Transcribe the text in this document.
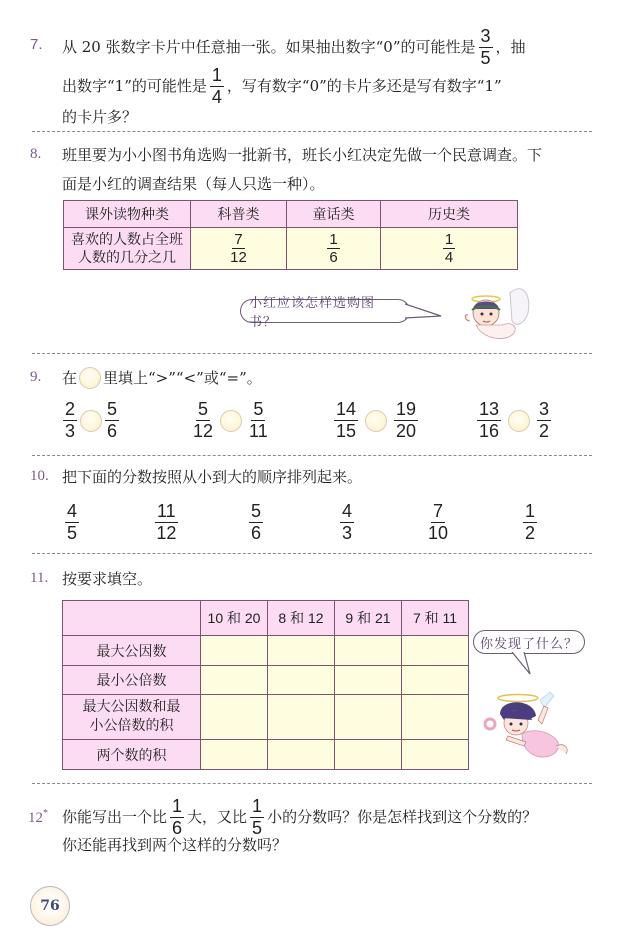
7. 从 20 张数字卡片中任意抽一张。如果抽出数字“0”的可能性是 $\frac{3}{5}$ ，抽
出数字“1”的可能性是 $\frac{1}{4}$ ，写有数字“0”的卡片多还是写有数字“1”
的卡片多？
8. 班里要为小小图书角选购一批新书，班长小红决定先做一个民意调查。下
面是小红的调查结果（每人只选一种）。
课外读物种类	科普类	童话类	历史类

喜欢的人数占全班
人数的几分之几	$\frac{7}{12}$	$\frac{1}{6}$	$\frac{1}{4}$
小红应该怎样选购图书？
9. 在 里填上“>”“<”或“=”。
$\frac{2}{3} \frac{5}{6}$	$\frac{5}{12} \frac{5}{11}$	$\frac{14}{15} \frac{19}{20}$	$\frac{13}{16} \frac{3}{2}$
10. 把下面的分数按照从小到大的顺序排列起来。
$\frac{4}{5}$	$\frac{11}{12}$	$\frac{5}{6}$	$\frac{4}{3}$	$\frac{7}{10}$	$\frac{1}{2}$
11. 按要求填空。
	10 和 20	8 和 12	9 和 21	7 和 11
最大公因数				
最小公倍数				

最大公因数和最
小公倍数的积				

两个数的积				
你发现了什么？
12* 你能写出一个比 $\frac{1}{6}$ 大，又比 $\frac{1}{5}$ 小的分数吗？你是怎样找到这个分数的？
你还能再找到两个这样的分数吗？
76
